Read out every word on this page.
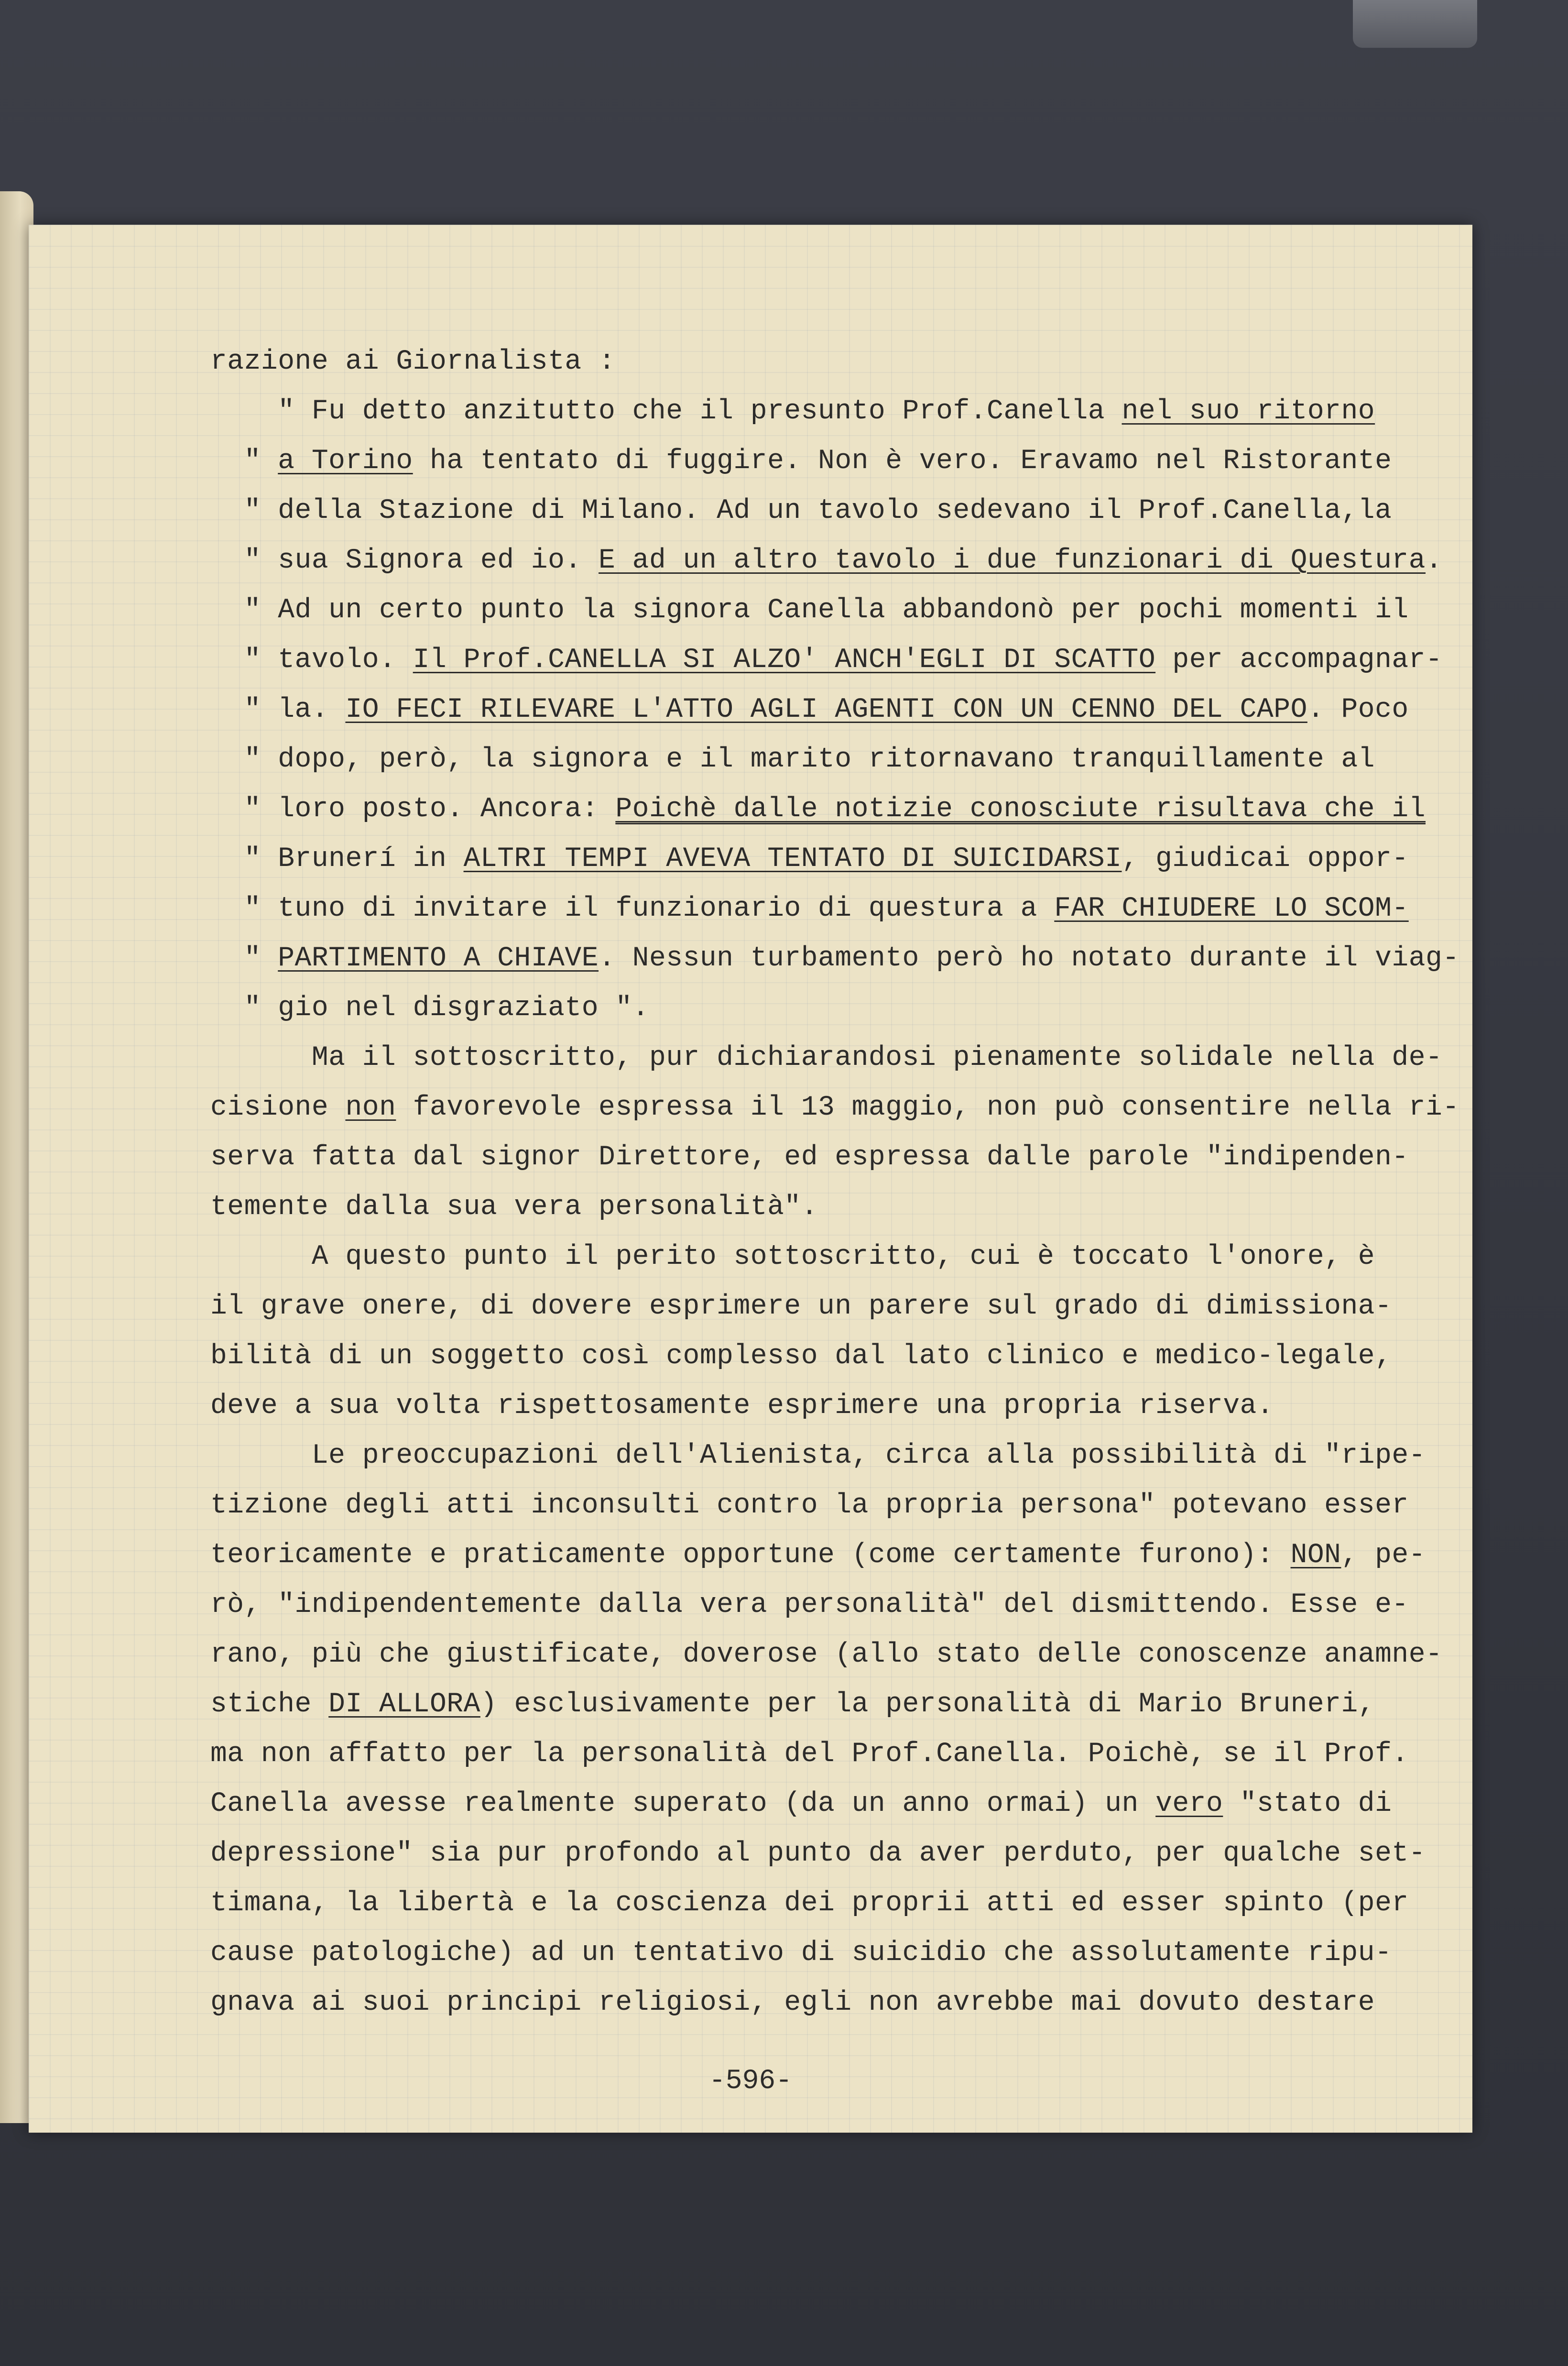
razione ai Giornalista :
" Fu detto anzitutto che il presunto Prof.Canella nel suo ritorno
" a Torino ha tentato di fuggire. Non è vero. Eravamo nel Ristorante
" della Stazione di Milano. Ad un tavolo sedevano il Prof.Canella,la
" sua Signora ed io. E ad un altro tavolo i due funzionari di Questura.
" Ad un certo punto la signora Canella abbandonò per pochi momenti il
" tavolo. Il Prof.CANELLA SI ALZO' ANCH'EGLI DI SCATTO per accompagnar-
" la. IO FECI RILEVARE L'ATTO AGLI AGENTI CON UN CENNO DEL CAPO. Poco
" dopo, però, la signora e il marito ritornavano tranquillamente al
" loro posto. Ancora: Poichè dalle notizie conosciute risultava che il
" Brunerí in ALTRI TEMPI AVEVA TENTATO DI SUICIDARSI, giudicai oppor-
" tuno di invitare il funzionario di questura a FAR CHIUDERE LO SCOM-
" PARTIMENTO A CHIAVE. Nessun turbamento però ho notato durante il viag-
" gio nel disgraziato ".
Ma il sottoscritto, pur dichiarandosi pienamente solidale nella de-
cisione non favorevole espressa il 13 maggio, non può consentire nella ri-
serva fatta dal signor Direttore, ed espressa dalle parole "indipenden-
temente dalla sua vera personalità".
A questo punto il perito sottoscritto, cui è toccato l'onore, è
il grave onere, di dovere esprimere un parere sul grado di dimissiona-
bilità di un soggetto così complesso dal lato clinico e medico-legale,
deve a sua volta rispettosamente esprimere una propria riserva.
Le preoccupazioni dell'Alienista, circa alla possibilità di "ripe-
tizione degli atti inconsulti contro la propria persona" potevano esser
teoricamente e praticamente opportune (come certamente furono): NON, pe-
rò, "indipendentemente dalla vera personalità" del dismittendo. Esse e-
rano, più che giustificate, doverose (allo stato delle conoscenze anamne-
stiche DI ALLORA) esclusivamente per la personalità di Mario Bruneri,
ma non affatto per la personalità del Prof.Canella. Poichè, se il Prof.
Canella avesse realmente superato (da un anno ormai) un vero "stato di
depressione" sia pur profondo al punto da aver perduto, per qualche set-
timana, la libertà e la coscienza dei proprii atti ed esser spinto (per
cause patologiche) ad un tentativo di suicidio che assolutamente ripu-
gnava ai suoi principi religiosi, egli non avrebbe mai dovuto destare
-596-
